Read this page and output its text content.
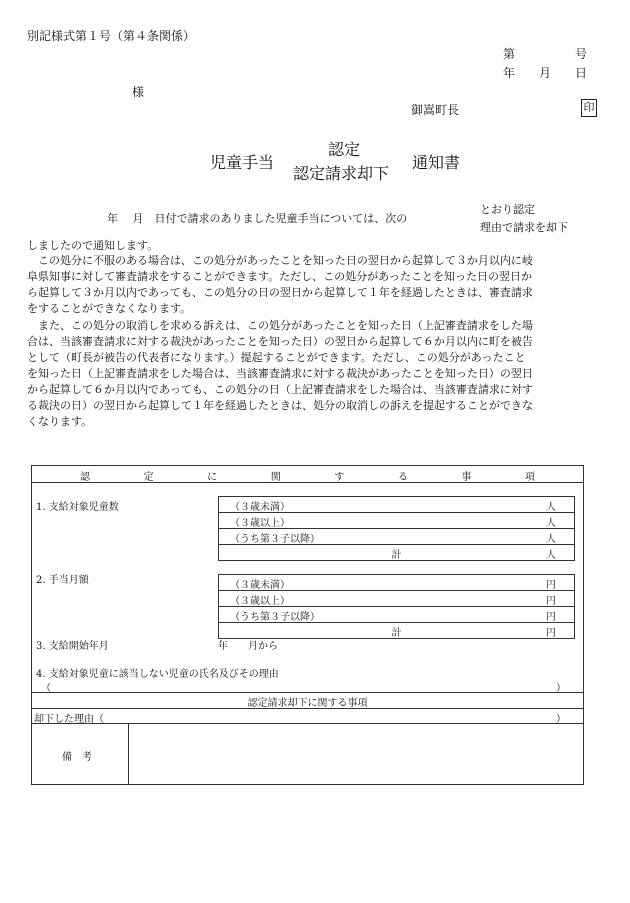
別記様式第１号（第４条関係）
第　　　　　号
年　　月　　日
様
御嵩町長	印
児童手当
認定
認定請求却下
通知書
年　 月　日付で請求のありました児童手当については、次の
とおり認定
理由で請求を却下
しましたので通知します。
　この処分に不服のある場合は、この処分があったことを知った日の翌日から起算して３か月以内に岐
阜県知事に対して審査請求をすることができます。ただし、この処分があったことを知った日の翌日か
ら起算して３か月以内であっても、この処分の日の翌日から起算して１年を経過したときは、審査請求
をすることができなくなります。
　また、この処分の取消しを求める訴えは、この処分があったことを知った日（上記審査請求をした場
合は、当該審査請求に対する裁決があったことを知った日）の翌日から起算して６か月以内に町を被告
として（町長が被告の代表者になります。）提起することができます。ただし、この処分があったこと
を知った日（上記審査請求をした場合は、当該審査請求に対する裁決があったことを知った日）の翌日
から起算して６か月以内であっても、この処分の日（上記審査請求をした場合は、当該審査請求に対す
る裁決の日）の翌日から起算して１年を経過したときは、処分の取消しの訴えを提起することができな
くなります。
認	定	に	関	す	る	事	項
1. 支給対象児童数	（３歳未満）	人
（３歳以上）	人
（うち第３子以降）	人
計	人
2. 手当月額	（３歳未満）	円
（３歳以上）	円
（うち第３子以降）	円
計	円
3. 支給開始年月	年　　月から
4. 支給対象児童に該当しない児童の氏名及びその理由
（	）
認定請求却下に関する事項
却下した理由（	）
備　考
